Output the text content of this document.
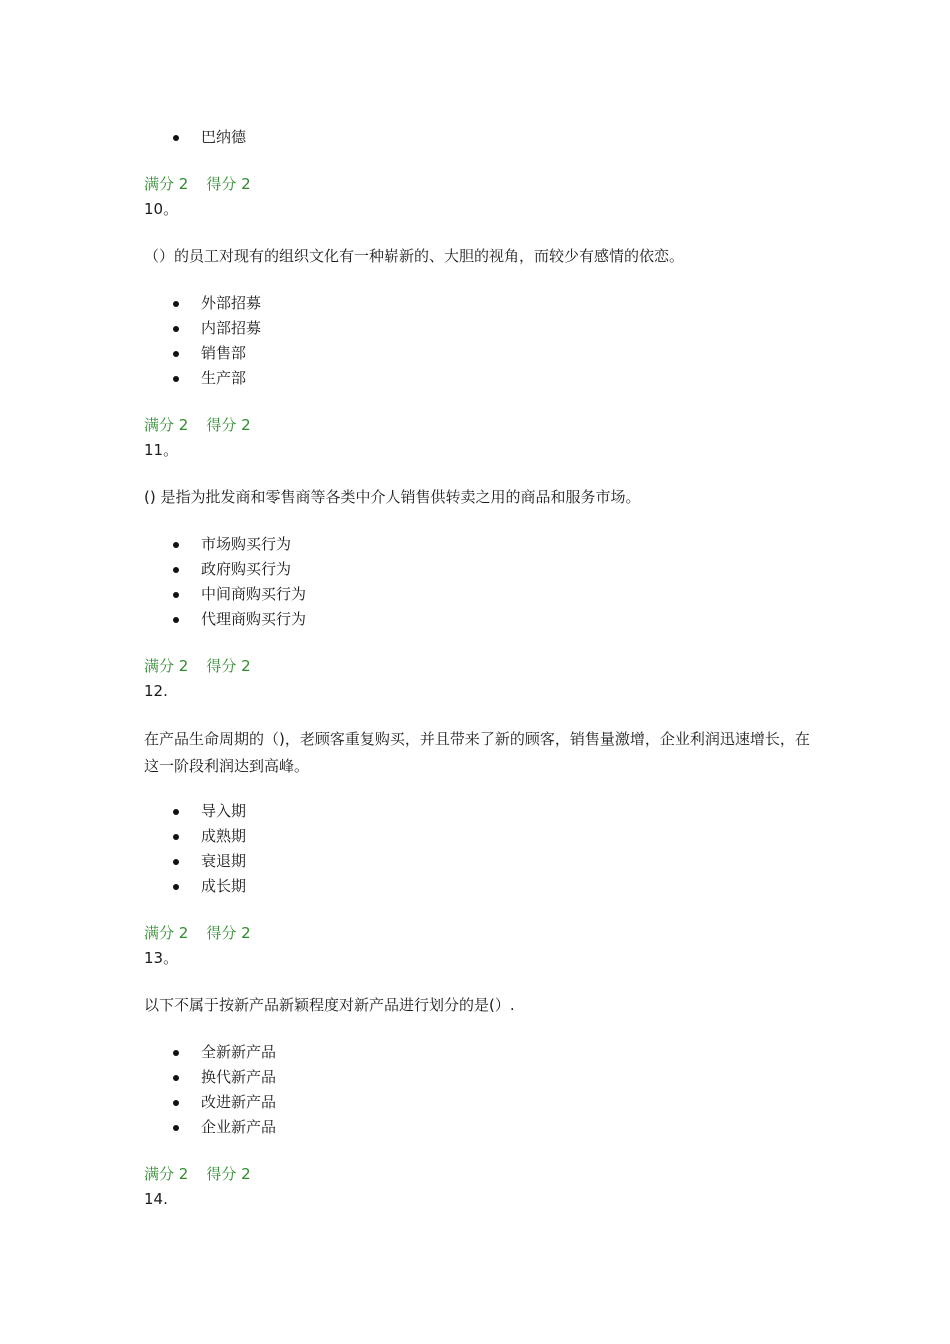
巴纳德
满分 2 得分 2
10。
（）的员工对现有的组织文化有一种崭新的、大胆的视角，而较少有感情的依恋。
外部招募
内部招募
销售部
生产部
满分 2 得分 2
11。
() 是指为批发商和零售商等各类中介人销售供转卖之用的商品和服务市场。
市场购买行为
政府购买行为
中间商购买行为
代理商购买行为
满分 2 得分 2
12.
在产品生命周期的（)，老顾客重复购买，并且带来了新的顾客，销售量激增，企业利润迅速增长，在这一阶段利润达到高峰。
导入期
成熟期
衰退期
成长期
满分 2 得分 2
13。
以下不属于按新产品新颖程度对新产品进行划分的是(）.
全新新产品
换代新产品
改进新产品
企业新产品
满分 2 得分 2
14.
